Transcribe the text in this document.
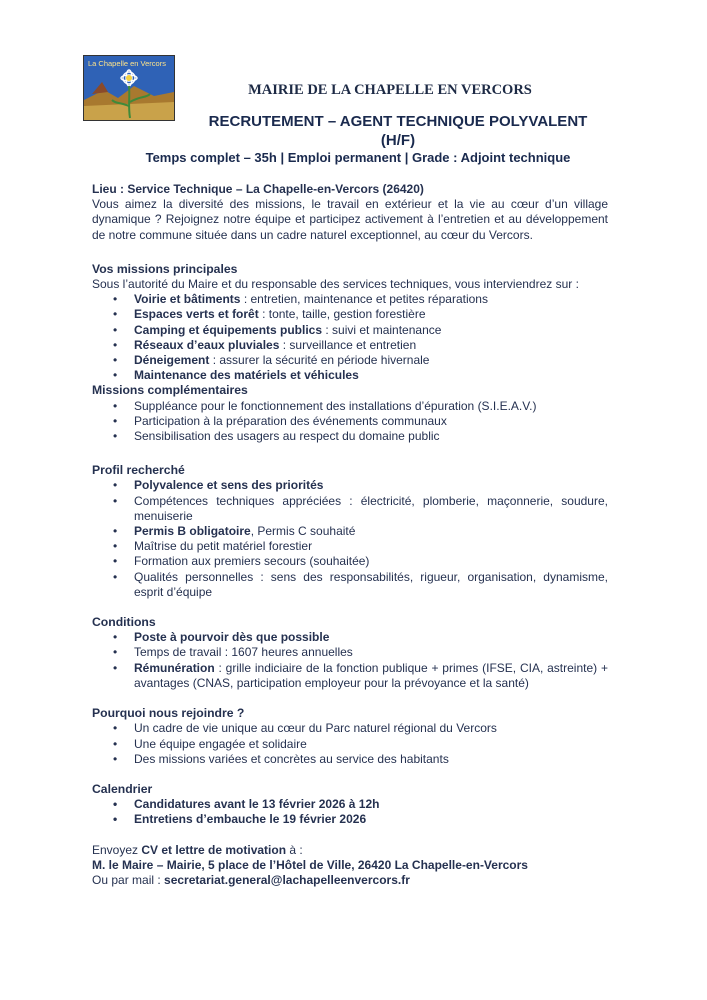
La Chapelle en Vercors
MAIRIE DE LA CHAPELLE EN VERCORS
RECRUTEMENT – AGENT TECHNIQUE POLYVALENT
(H/F)
Temps complet – 35h | Emploi permanent | Grade : Adjoint technique

Lieu : Service Technique – La Chapelle-en-Vercors (26420)

Vous aimez la diversité des missions, le travail en extérieur et la vie au cœur d’un village dynamique ? Rejoignez notre équipe et participez activement à l’entretien et au développement de notre commune située dans un cadre naturel exceptionnel, au cœur du Vercors.

Vos missions principales
Sous l’autorité du Maire et du responsable des services techniques, vous interviendrez sur :
• Voirie et bâtiments : entretien, maintenance et petites réparations
• Espaces verts et forêt : tonte, taille, gestion forestière
• Camping et équipements publics : suivi et maintenance
• Réseaux d’eaux pluviales : surveillance et entretien
• Déneigement : assurer la sécurité en période hivernale
• Maintenance des matériels et véhicules
Missions complémentaires
• Suppléance pour le fonctionnement des installations d’épuration (S.I.E.A.V.)
• Participation à la préparation des événements communaux
• Sensibilisation des usagers au respect du domaine public
Profil recherché
• Polyvalence et sens des priorités
• Compétences techniques appréciées : électricité, plomberie, maçonnerie, soudure, menuiserie
• Permis B obligatoire, Permis C souhaité
• Maîtrise du petit matériel forestier
• Formation aux premiers secours (souhaitée)
• Qualités personnelles : sens des responsabilités, rigueur, organisation, dynamisme, esprit d’équipe
Conditions
• Poste à pourvoir dès que possible
• Temps de travail : 1607 heures annuelles
• Rémunération : grille indiciaire de la fonction publique + primes (IFSE, CIA, astreinte) + avantages (CNAS, participation employeur pour la prévoyance et la santé)
Pourquoi nous rejoindre ?
• Un cadre de vie unique au cœur du Parc naturel régional du Vercors
• Une équipe engagée et solidaire
• Des missions variées et concrètes au service des habitants
Calendrier
• Candidatures avant le 13 février 2026 à 12h
• Entretiens d’embauche le 19 février 2026
Envoyez CV et lettre de motivation à :
M. le Maire – Mairie, 5 place de l’Hôtel de Ville, 26420 La Chapelle-en-Vercors
Ou par mail : secretariat.general@lachapelleenvercors.fr
